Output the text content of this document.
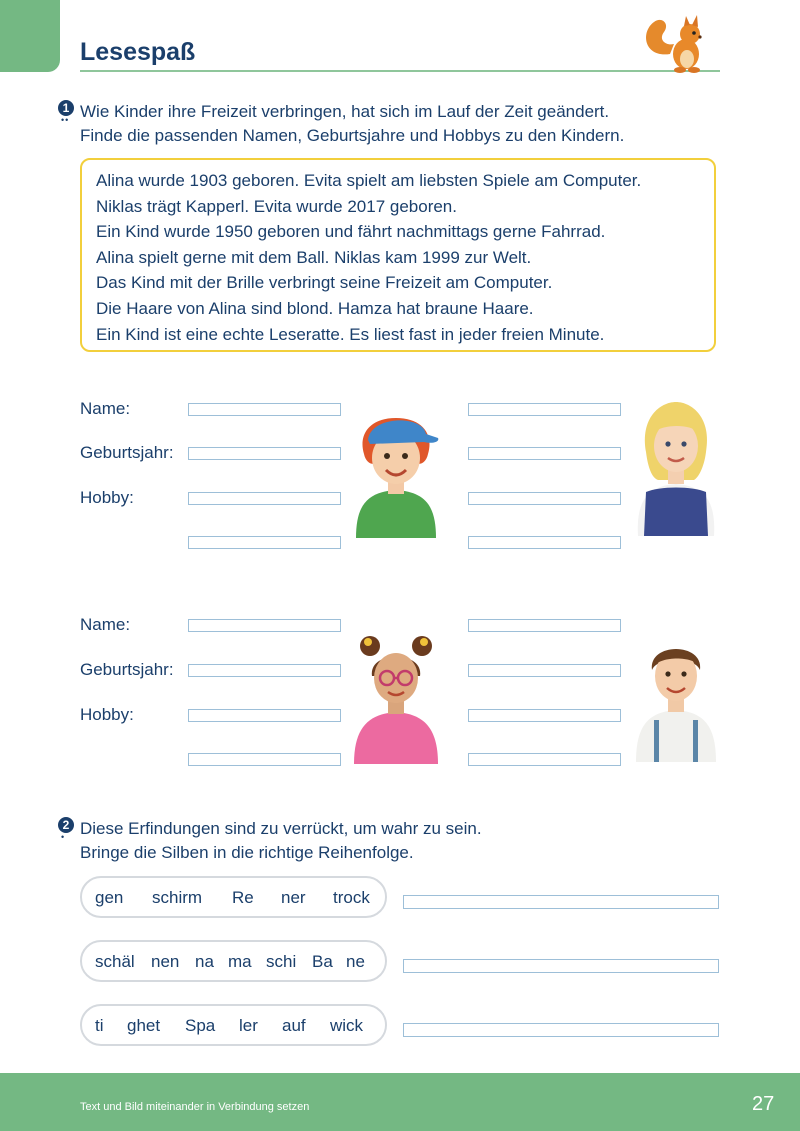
Lesespaß
1
•• Wie Kinder ihre Freizeit verbringen, hat sich im Lauf der Zeit geändert.
Finde die passenden Namen, Geburtsjahre und Hobbys zu den Kindern.
Alina wurde 1903 geboren. Evita spielt am liebsten Spiele am Computer.
Niklas trägt Kapperl. Evita wurde 2017 geboren.
Ein Kind wurde 1950 geboren und fährt nachmittags gerne Fahrrad.
Alina spielt gerne mit dem Ball. Niklas kam 1999 zur Welt.
Das Kind mit der Brille verbringt seine Freizeit am Computer.
Die Haare von Alina sind blond. Hamza hat braune Haare.
Ein Kind ist eine echte Leseratte. Es liest fast in jeder freien Minute.
Name:
Geburtsjahr:
Hobby:
Name:
Geburtsjahr:
Hobby:
2
• Diese Erfindungen sind zu verrückt, um wahr zu sein.
Bringe die Silben in die richtige Reihenfolge.
gen schirm Re ner trock
schäl nen na ma schi Ba ne
ti ghet Spa ler auf wick
Text und Bild miteinander in Verbindung setzen	27
